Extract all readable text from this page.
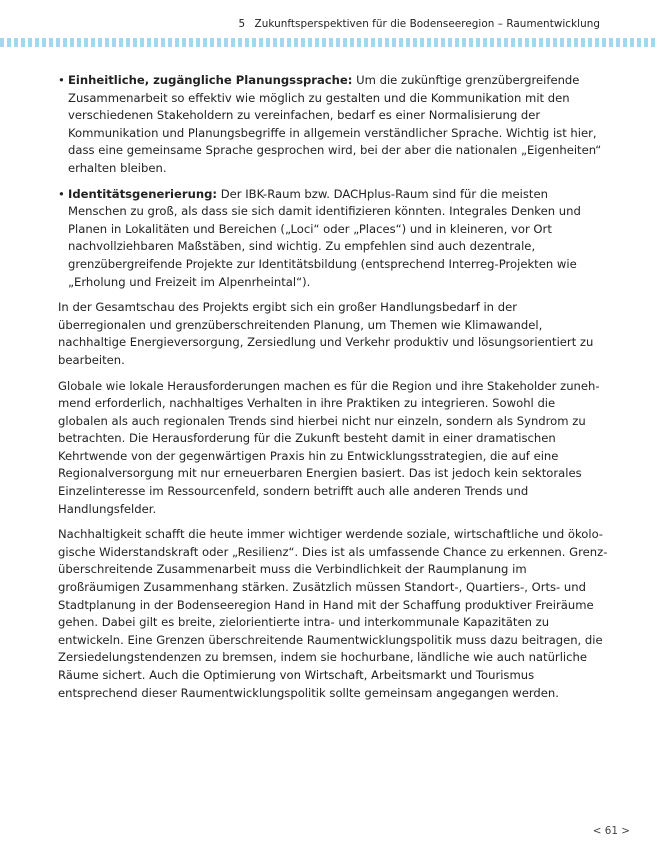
5 Zukunftsperspektiven für die Bodenseeregion – Raumentwicklung
• Einheitliche, zugängliche Planungssprache: Um die zukünftige grenzübergreifende Zusammenarbeit so effektiv wie möglich zu gestalten und die Kommunikation mit den verschiedenen Stakeholdern zu vereinfachen, bedarf es einer Normalisierung der Kommunikation und Planungsbegriffe in allgemein verständlicher Sprache. Wichtig ist hier, dass eine gemeinsame Sprache gesprochen wird, bei der aber die nationalen „Eigenheiten“ erhalten bleiben.
• Identitätsgenerierung: Der IBK-Raum bzw. DACHplus-Raum sind für die meisten Menschen zu groß, als dass sie sich damit identifizieren könnten. Integrales Denken und Planen in Lokalitäten und Bereichen („Loci“ oder „Places“) und in kleineren, vor Ort nachvollziehbaren Maßstäben, sind wichtig. Zu empfehlen sind auch dezentrale, grenzübergreifende Projekte zur Identitätsbildung (entsprechend Interreg-Projekten wie „Erholung und Freizeit im Alpenrheintal“).

In der Gesamtschau des Projekts ergibt sich ein großer Handlungsbedarf in der überregionalen und grenzüberschreitenden Planung, um Themen wie Klimawandel, nachhaltige Energieversorgung, Zersiedlung und Verkehr produktiv und lösungsorientiert zu bearbeiten.

Globale wie lokale Herausforderungen machen es für die Region und ihre Stakeholder zunehmend erforderlich, nachhaltiges Verhalten in ihre Praktiken zu integrieren. Sowohl die globalen als auch regionalen Trends sind hierbei nicht nur einzeln, sondern als Syndrom zu betrachten. Die Herausforderung für die Zukunft besteht damit in einer dramatischen Kehrtwende von der gegenwärtigen Praxis hin zu Entwicklungsstrategien, die auf eine Regionalversorgung mit nur erneuerbaren Energien basiert. Das ist jedoch kein sektorales Einzelinteresse im Ressourcenfeld, sondern betrifft auch alle anderen Trends und Handlungsfelder.

Nachhaltigkeit schafft die heute immer wichtiger werdende soziale, wirtschaftliche und ökologische Widerstandskraft oder „Resilienz“. Dies ist als umfassende Chance zu erkennen. Grenzüberschreitende Zusammenarbeit muss die Verbindlichkeit der Raumplanung im großräumigen Zusammenhang stärken. Zusätzlich müssen Standort-, Quartiers-, Orts- und Stadtplanung in der Bodenseeregion Hand in Hand mit der Schaffung produktiver Freiräume gehen. Dabei gilt es breite, zielorientierte intra- und interkommunale Kapazitäten zu entwickeln. Eine Grenzen überschreitende Raumentwicklungspolitik muss dazu beitragen, die Zersiedelungstendenzen zu bremsen, indem sie hochurbane, ländliche wie auch natürliche Räume sichert. Auch die Optimierung von Wirtschaft, Arbeitsmarkt und Tourismus entsprechend dieser Raumentwicklungspolitik sollte gemeinsam angegangen werden.

< 61 >
